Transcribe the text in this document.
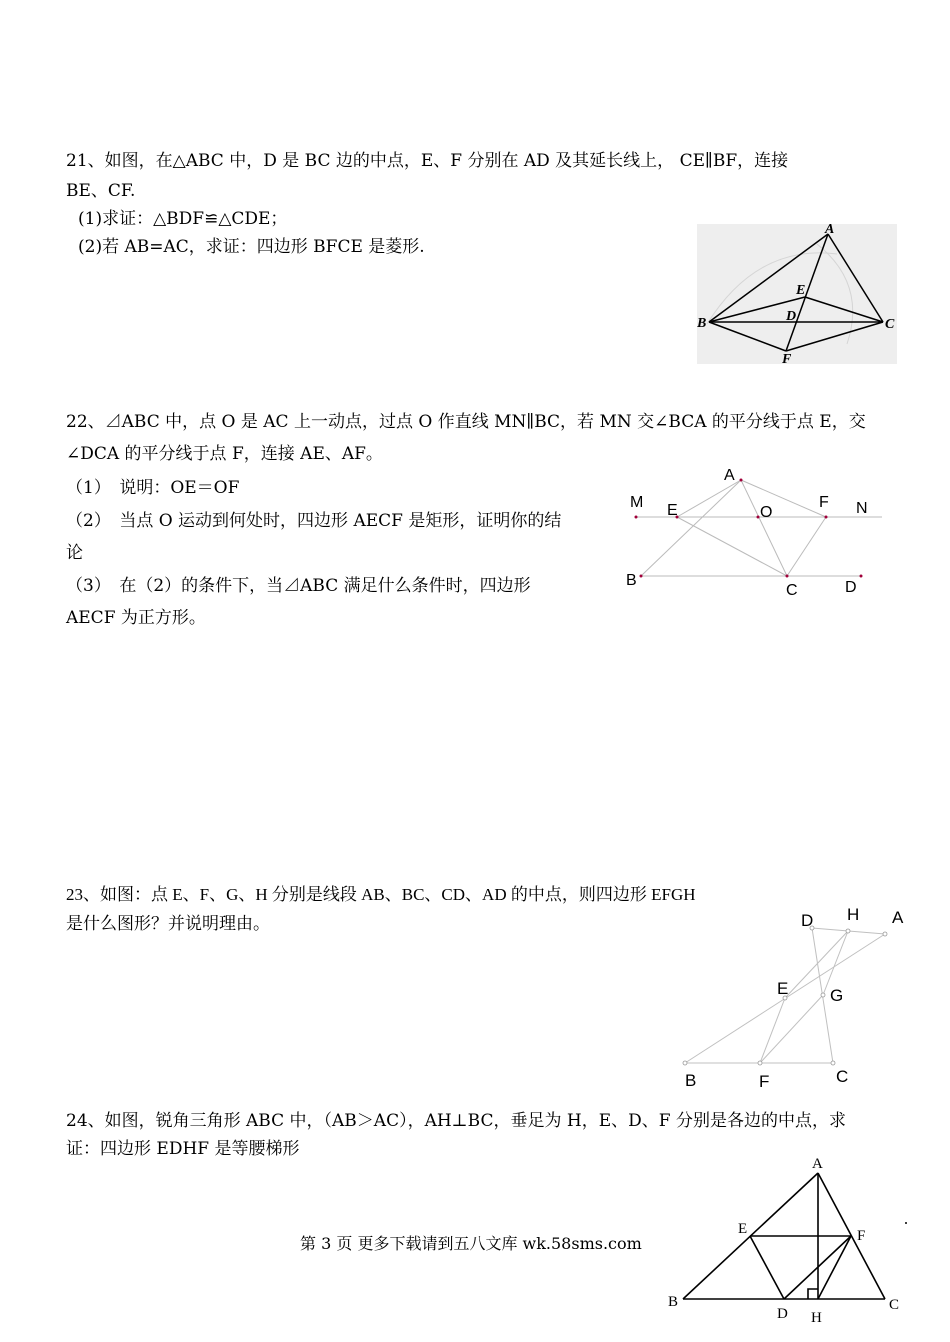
21、如图，在△ABC 中，D 是 BC 边的中点，E、F 分别在 AD 及其延长线上， CE∥BF，连接
BE、CF.
(1)求证：△BDF≌△CDE；
(2)若 AB=AC，求证：四边形 BFCE 是菱形.
A
B	C
D
E
F
22、⊿ABC 中，点 O 是 AC 上一动点，过点 O 作直线 MN∥BC，若 MN 交∠BCA 的平分线于点 E，交
∠DCA 的平分线于点 F，连接 AE、AF。
（1）　说明：OE＝OF
（2）　当点 O 运动到何处时，四边形 AECF 是矩形，证明你的结
论
（3）　在（2）的条件下，当⊿ABC 满足什么条件时，四边形
AECF 为正方形。
A
M E	O
F N
B
C	D
23、如图：点 E、F、G、H 分别是线段 AB、BC、CD、AD 的中点，则四边形 EFGH
是什么图形？并说明理由。	D H A
E G
B	F	C
24、如图，锐角三角形 ABC 中，（AB＞AC），AH⊥BC，垂足为 H，E、D、F 分别是各边的中点，求
证：四边形 EDHF 是等腰梯形
A
E	F
B
D H
C
第 3 页 更多下载请到五八文库 wk.58sms.com
